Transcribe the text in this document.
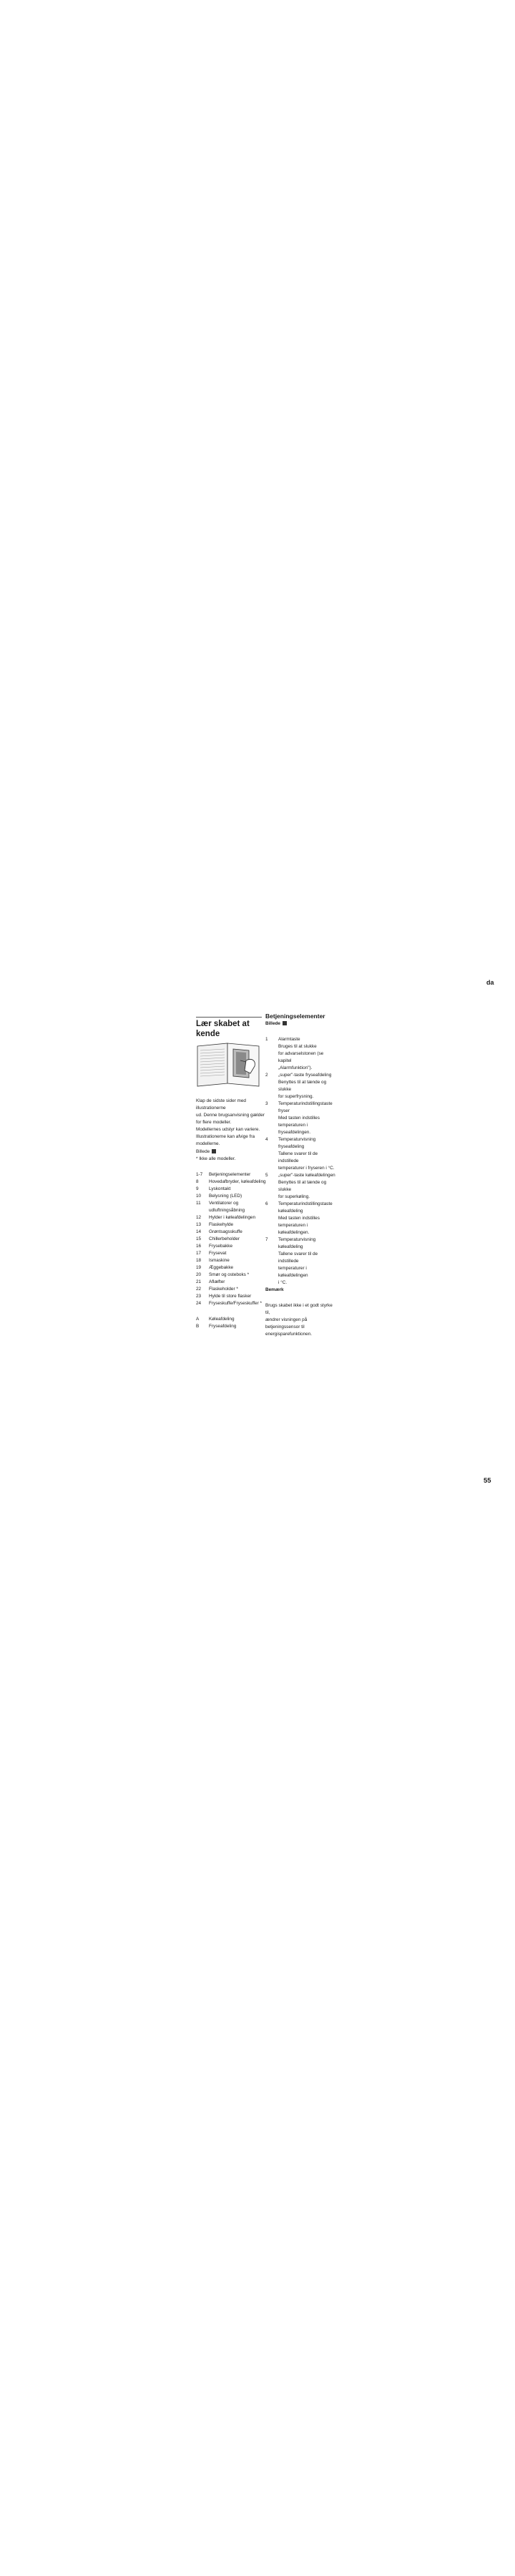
da
Lær skabet at kende

Klap de sidste sider med illustrationerne

ud. Denne brugsanvisning gælder

for flere modeller.

Modellernes udstyr kan variere.

Illustrationerne kan afvige fra modellerne.

Billede

* Ikke alle modeller.

1-7	Betjeningselementer
8	Hovedafbryder, køleafdeling
9	Lyskontakt
10	Belysning (LED)
11	Ventilatorer og udluftningsåbning
12	Hylder i køleafdelingen
13	Flaskehylde
14	Grøntsagsskuffe
15	Chillerbeholder
16	Frysebakke
17	Frysevat
18	Ismaskine
19	Æggebakke
20	Smør og osteboks *
21	Aflæfter
22	Flaskeholder *
23	Hylde til store flasker
24	Fryseskuffe/Fryseskuffer *
A	Køleafdeling
B	Fryseafdeling
Betjeningselementer

Billede

1	Alarmtaste
Bruges til at slukke
for advarselstonen (se kapitel
„Alarmfunktion").
2	„super"-taste fryseafdeling
Benyttes til at tænde og slukke
for superfrysning.
3	Temperaturindstillingstaste
fryser
Med tasten indstilles
temperaturen i fryseafdelingen.
4	Temperaturvisning fryseafdeling
Tallene svarer til de indstillede
temperaturer i fryseren i °C.
5	„super"-taste køleafdelingen
Benyttes til at tænde og slukke
for superkøling.
6	Temperaturindstillingstaste
køleafdeling
Med tasten indstilles
temperaturen i køleafdelingen.
7	Temperaturvisning køleafdeling
Tallene svarer til de indstillede
temperaturer i køleafdelingen
i °C.

Bemærk

Brugs skabet ikke i et godt styrke til,

ændrer visningen på betjeningssensor til

energisparefunktionen.

55
